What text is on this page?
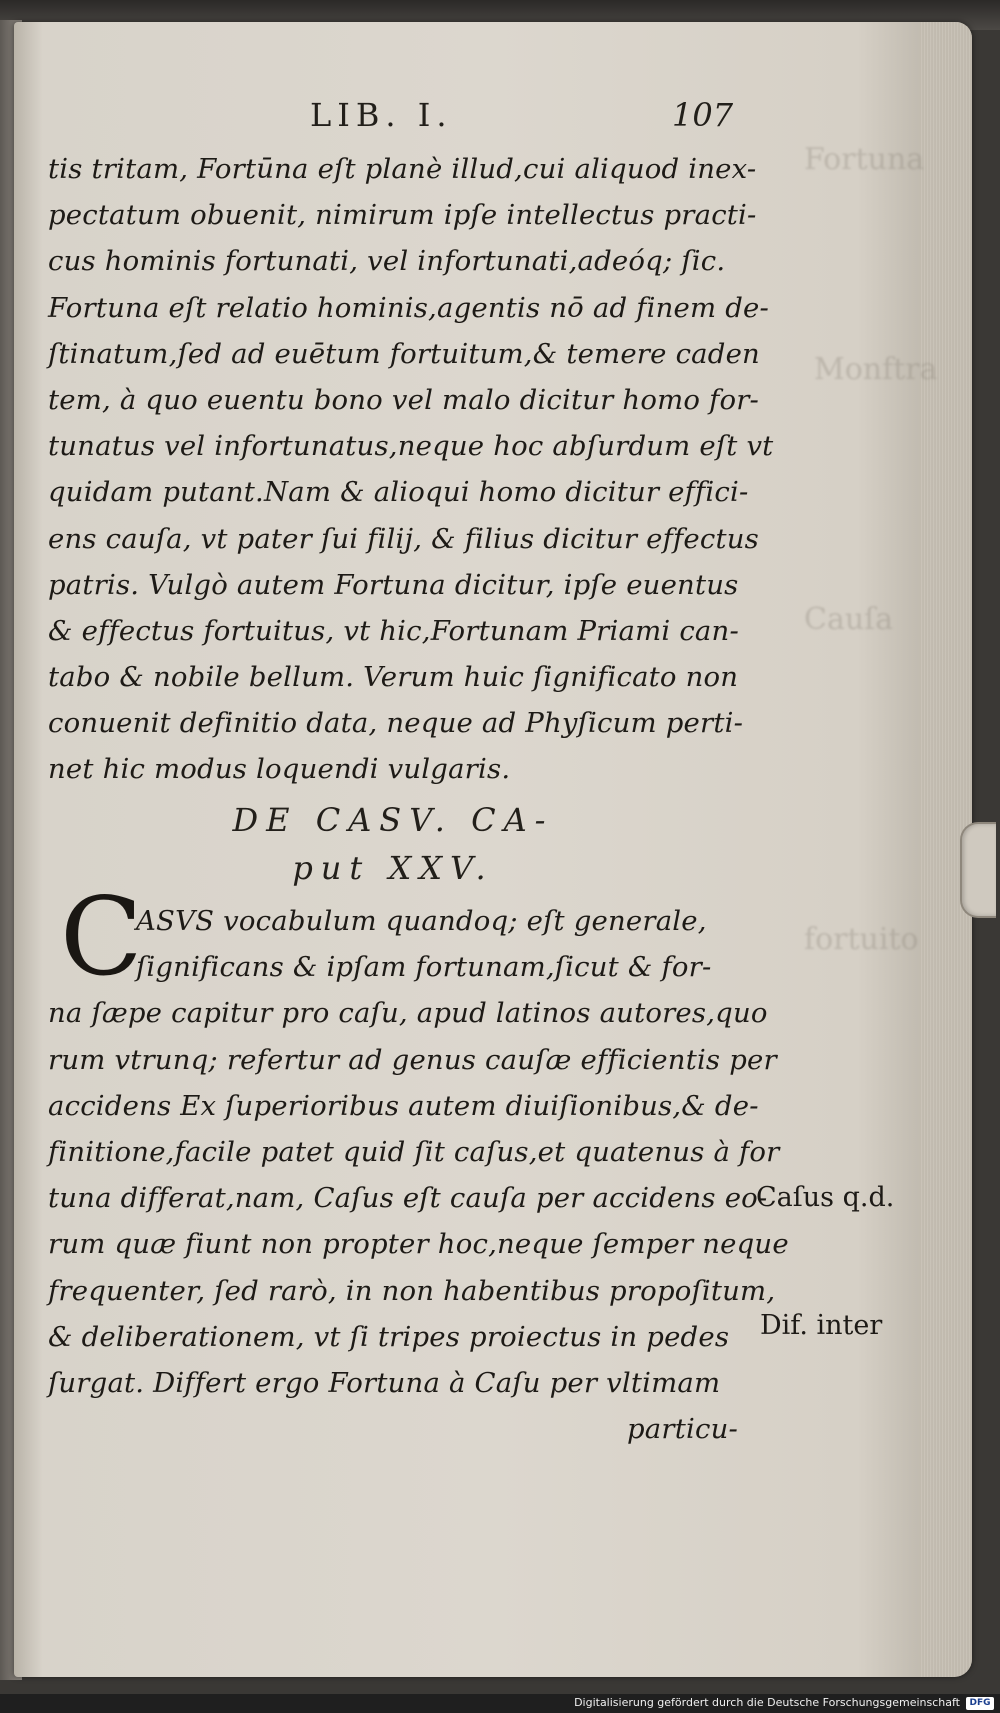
Fortuna
Monftra
Cauſa
fortuito
LIB. I.	107
tis tritam, Fortūna eſt planè illud,cui aliquod inex-
pectatum obuenit, nimirum ipſe intellectus practi-
cus hominis fortunati, vel infortunati,adeóq; ſic.
Fortuna eſt relatio hominis,agentis nō ad finem de-
ſtinatum,ſed ad euētum fortuitum,& temere caden
tem, à quo euentu bono vel malo dicitur homo for-
tunatus vel infortunatus,neque hoc abſurdum eſt vt
quidam putant.Nam & alioqui homo dicitur effici-
ens cauſa, vt pater ſui filij, & filius dicitur effectus
patris. Vulgò autem Fortuna dicitur, ipſe euentus
& effectus fortuitus, vt hic,Fortunam Priami can-
tabo & nobile bellum. Verum huic ſignificato non
conuenit definitio data, neque ad Phyſicum perti-
net hic modus loquendi vulgaris.
DE CASV. CA-
put XXV.
C
ASVS vocabulum quandoq; eſt generale,
ſignificans & ipſam fortunam,ſicut & for-
na ſæpe capitur pro caſu, apud latinos autores,quo
rum vtrunq; refertur ad genus cauſæ efficientis per
accidens Ex ſuperioribus autem diuiſionibus,& de-
finitione,facile patet quid ſit caſus,et quatenus à for
tuna differat,nam, Caſus eſt cauſa per accidens eo-
rum quæ fiunt non propter hoc,neque ſemper neque
frequenter, ſed rarò, in non habentibus propoſitum,
& deliberationem, vt ſi tripes proiectus in pedes
ſurgat. Differt ergo Fortuna à Caſu per vltimam
particu-
Caſus q.d.
Dif. inter
Digitalisierung gefördert durch die Deutsche Forschungsgemeinschaft	DFG
